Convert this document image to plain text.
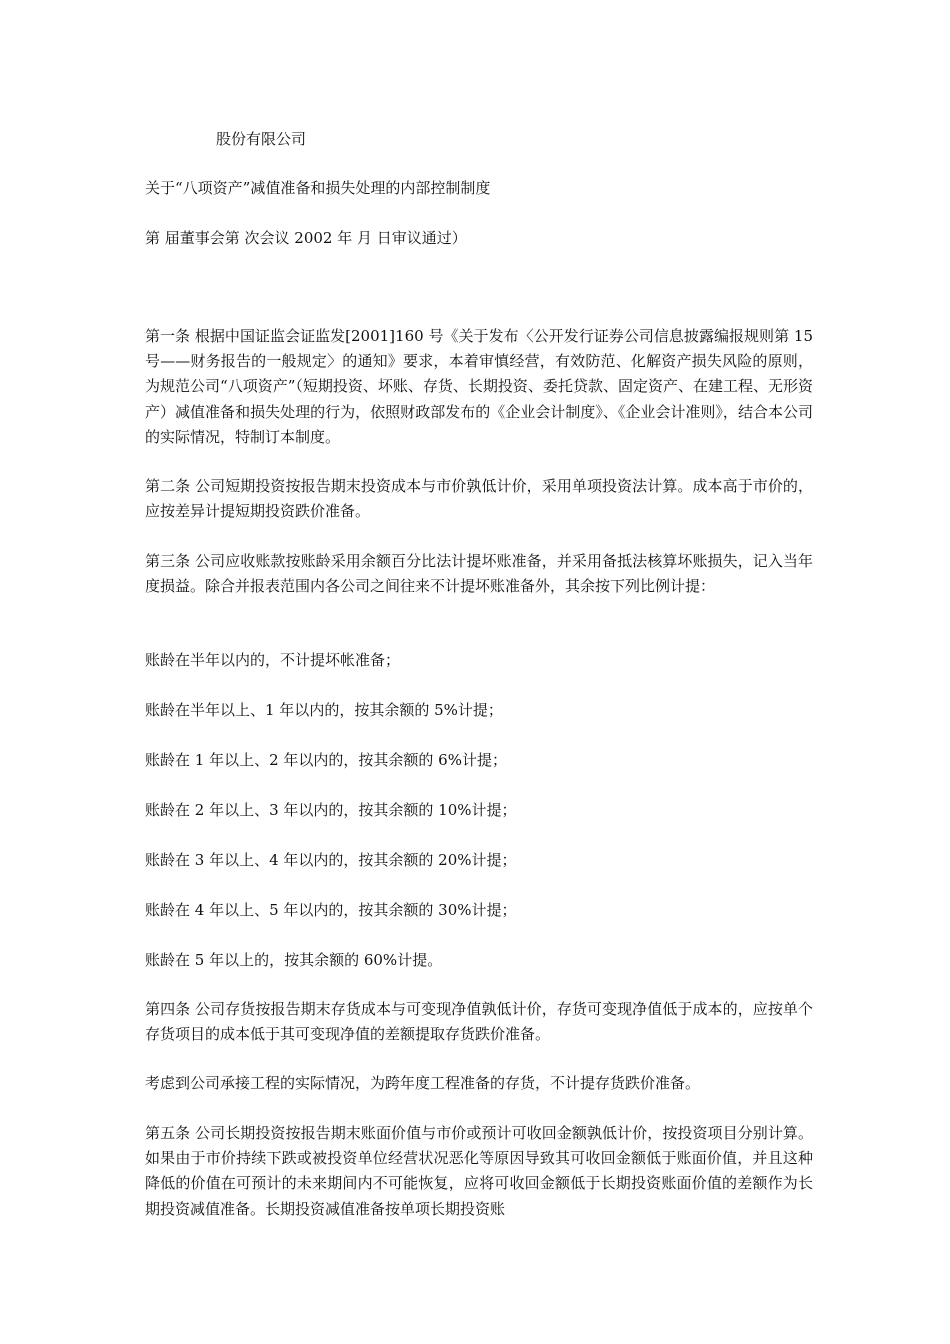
股份有限公司
关于“八项资产”减值准备和损失处理的内部控制制度
第 届董事会第 次会议 2002 年 月 日审议通过）
第一条 根据中国证监会证监发[2001]160 号《关于发布〈公开发行证券公司信息披露编报规则第 15 号——财务报告的一般规定〉的通知》要求，本着审慎经营，有效防范、化解资产损失风险的原则，为规范公司“八项资产”（短期投资、坏账、存货、长期投资、委托贷款、固定资产、在建工程、无形资产）减值准备和损失处理的行为，依照财政部发布的《企业会计制度》、《企业会计准则》，结合本公司的实际情况，特制订本制度。
第二条 公司短期投资按报告期末投资成本与市价孰低计价，采用单项投资法计算。成本高于市价的，应按差异计提短期投资跌价准备。
第三条 公司应收账款按账龄采用余额百分比法计提坏账准备，并采用备抵法核算坏账损失，记入当年度损益。除合并报表范围内各公司之间往来不计提坏账准备外，其余按下列比例计提：
账龄在半年以内的，不计提坏帐准备；
账龄在半年以上、1 年以内的，按其余额的 5%计提；
账龄在 1 年以上、2 年以内的，按其余额的 6%计提；
账龄在 2 年以上、3 年以内的，按其余额的 10%计提；
账龄在 3 年以上、4 年以内的，按其余额的 20%计提；
账龄在 4 年以上、5 年以内的，按其余额的 30%计提；
账龄在 5 年以上的，按其余额的 60%计提。
第四条 公司存货按报告期末存货成本与可变现净值孰低计价，存货可变现净值低于成本的，应按单个存货项目的成本低于其可变现净值的差额提取存货跌价准备。
考虑到公司承接工程的实际情况，为跨年度工程准备的存货，不计提存货跌价准备。
第五条 公司长期投资按报告期末账面价值与市价或预计可收回金额孰低计价，按投资项目分别计算。如果由于市价持续下跌或被投资单位经营状况恶化等原因导致其可收回金额低于账面价值，并且这种降低的价值在可预计的未来期间内不可能恢复，应将可收回金额低于长期投资账面价值的差额作为长期投资减值准备。长期投资减值准备按单项长期投资账
